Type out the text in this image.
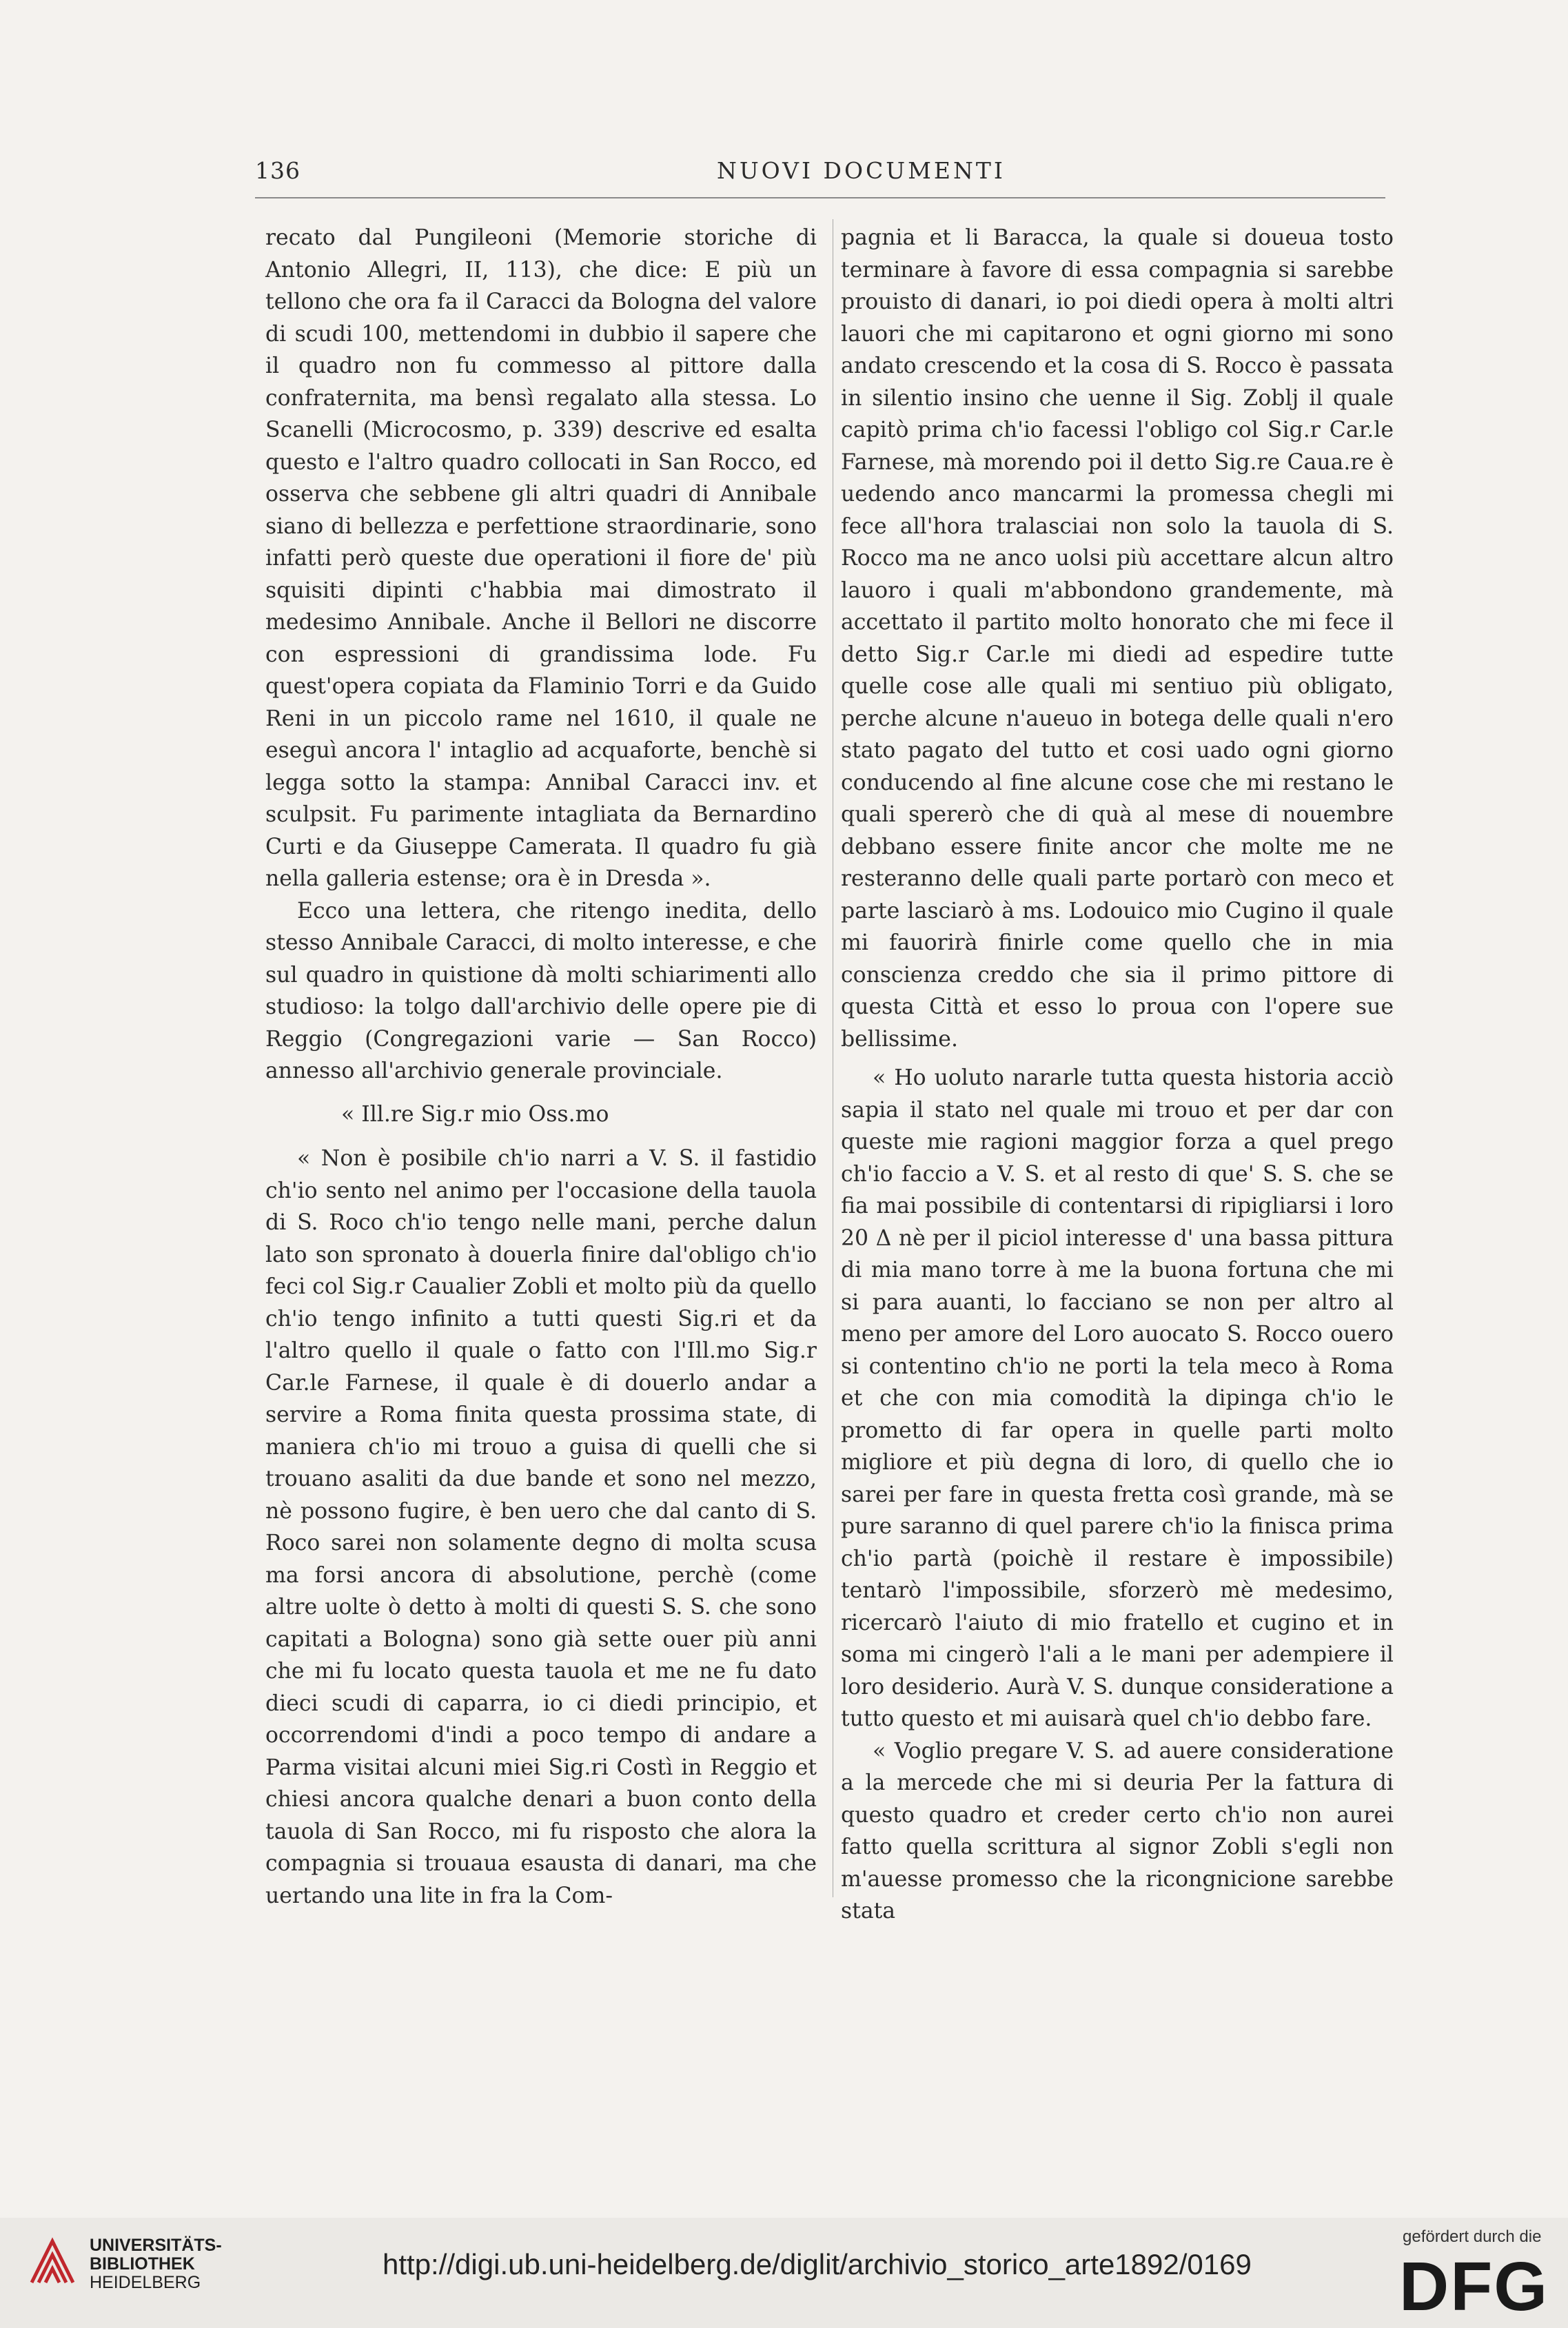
136	NUOVI DOCUMENTI

recato dal Pungileoni (Memorie storiche di Antonio Allegri, II, 113), che dice: E più un tellono che ora fa il Caracci da Bologna del valore di scudi 100, mettendomi in dubbio il sapere che il quadro non fu commesso al pittore dalla confraternita, ma bensì regalato alla stessa. Lo Scanelli (Microcosmo, p. 339) descrive ed esalta questo e l'altro quadro collocati in San Rocco, ed osserva che sebbene gli altri quadri di Annibale siano di bellezza e perfettione straordinarie, sono infatti però queste due operationi il fiore de' più squisiti dipinti c'habbia mai dimostrato il medesimo Annibale. Anche il Bellori ne discorre con espressioni di grandissima lode. Fu quest'opera copiata da Flaminio Torri e da Guido Reni in un piccolo rame nel 1610, il quale ne eseguì ancora l' intaglio ad acquaforte, benchè si legga sotto la stampa: Annibal Caracci inv. et sculpsit. Fu parimente intagliata da Bernardino Curti e da Giuseppe Camerata. Il quadro fu già nella galleria estense; ora è in Dresda ».

Ecco una lettera, che ritengo inedita, dello stesso Annibale Caracci, di molto interesse, e che sul quadro in quistione dà molti schiarimenti allo studioso: la tolgo dall'archivio delle opere pie di Reggio (Congregazioni varie — San Rocco) annesso all'archivio generale provinciale.

« Ill.re Sig.r mio Oss.mo

« Non è posibile ch'io narri a V. S. il fastidio ch'io sento nel animo per l'occasione della tauola di S. Roco ch'io tengo nelle mani, perche dalun lato son spronato à douerla finire dal'obligo ch'io feci col Sig.r Caualier Zobli et molto più da quello ch'io tengo infinito a tutti questi Sig.ri et da l'altro quello il quale o fatto con l'Ill.mo Sig.r Car.le Farnese, il quale è di douerlo andar a servire a Roma finita questa prossima state, di maniera ch'io mi trouo a guisa di quelli che si trouano asaliti da due bande et sono nel mezzo, nè possono fugire, è ben uero che dal canto di S. Roco sarei non solamente degno di molta scusa ma forsi ancora di absolutione, perchè (come altre uolte ò detto à molti di questi S. S. che sono capitati a Bologna) sono già sette ouer più anni che mi fu locato questa tauola et me ne fu dato dieci scudi di caparra, io ci diedi principio, et occorrendomi d'indi a poco tempo di andare a Parma visitai alcuni miei Sig.ri Costì in Reggio et chiesi ancora qualche denari a buon conto della tauola di San Rocco, mi fu risposto che alora la compagnia si trouaua esausta di danari, ma che uertando una lite in fra la Com-

pagnia et li Baracca, la quale si doueua tosto terminare à favore di essa compagnia si sarebbe prouisto di danari, io poi diedi opera à molti altri lauori che mi capitarono et ogni giorno mi sono andato crescendo et la cosa di S. Rocco è passata in silentio insino che uenne il Sig. Zoblj il quale capitò prima ch'io facessi l'obligo col Sig.r Car.le Farnese, mà morendo poi il detto Sig.re Caua.re è uedendo anco mancarmi la promessa chegli mi fece all'hora tralasciai non solo la tauola di S. Rocco ma ne anco uolsi più accettare alcun altro lauoro i quali m'abbondono grandemente, mà accettato il partito molto honorato che mi fece il detto Sig.r Car.le mi diedi ad espedire tutte quelle cose alle quali mi sentiuo più obligato, perche alcune n'aueuo in botega delle quali n'ero stato pagato del tutto et cosi uado ogni giorno conducendo al fine alcune cose che mi restano le quali spererò che di quà al mese di nouembre debbano essere finite ancor che molte me ne resteranno delle quali parte portarò con meco et parte lasciarò à ms. Lodouico mio Cugino il quale mi fauorirà finirle come quello che in mia conscienza creddo che sia il primo pittore di questa Città et esso lo proua con l'opere sue bellissime.

« Ho uoluto nararle tutta questa historia acciò sapia il stato nel quale mi trouo et per dar con queste mie ragioni maggior forza a quel prego ch'io faccio a V. S. et al resto di que' S. S. che se fia mai possibile di contentarsi di ripigliarsi i loro 20 Δ nè per il piciol interesse d' una bassa pittura di mia mano torre à me la buona fortuna che mi si para auanti, lo facciano se non per altro al meno per amore del Loro auocato S. Rocco ouero si contentino ch'io ne porti la tela meco à Roma et che con mia comodità la dipinga ch'io le prometto di far opera in quelle parti molto migliore et più degna di loro, di quello che io sarei per fare in questa fretta così grande, mà se pure saranno di quel parere ch'io la finisca prima ch'io partà (poichè il restare è impossibile) tentarò l'impossibile, sforzerò mè medesimo, ricercarò l'aiuto di mio fratello et cugino et in soma mi cingerò l'ali a le mani per adempiere il loro desiderio. Aurà V. S. dunque consideratione a tutto questo et mi auisarà quel ch'io debbo fare.

« Voglio pregare V. S. ad auere consideratione a la mercede che mi si deuria Per la fattura di questo quadro et creder certo ch'io non aurei fatto quella scrittura al signor Zobli s'egli non m'auesse promesso che la ricongnicione sarebbe stata

UNIVERSITÄTS-
BIBLIOTHEK
HEIDELBERG
http://digi.ub.uni-heidelberg.de/diglit/archivio_storico_arte1892/0169
gefördert durch die
DFG
